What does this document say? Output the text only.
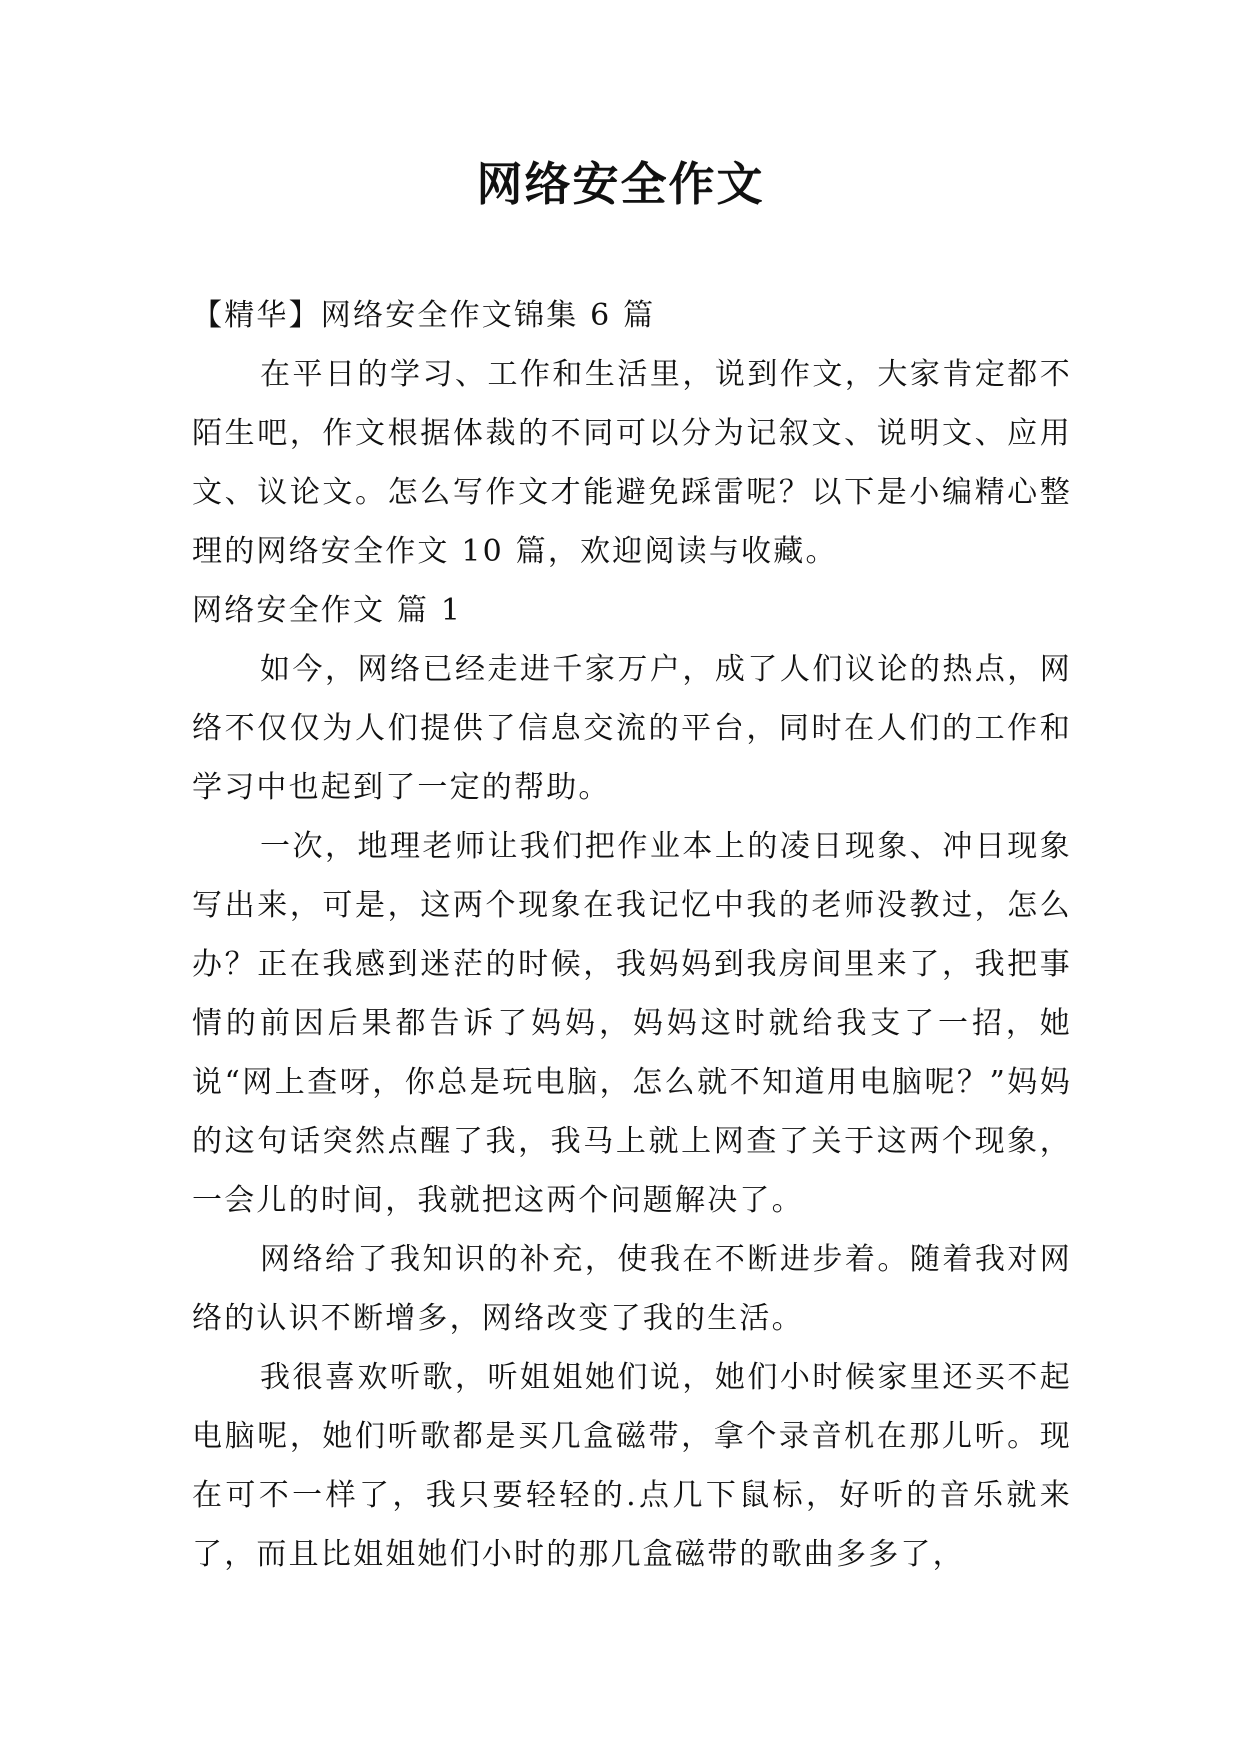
网络安全作文

【精华】网络安全作文锦集 6 篇

在平日的学习、工作和生活里，说到作文，大家肯定都不陌生吧，作文根据体裁的不同可以分为记叙文、说明文、应用文、议论文。怎么写作文才能避免踩雷呢？以下是小编精心整理的网络安全作文 10 篇，欢迎阅读与收藏。

网络安全作文 篇 1

如今，网络已经走进千家万户，成了人们议论的热点，网络不仅仅为人们提供了信息交流的平台，同时在人们的工作和学习中也起到了一定的帮助。

一次，地理老师让我们把作业本上的凌日现象、冲日现象写出来，可是，这两个现象在我记忆中我的老师没教过，怎么办？正在我感到迷茫的时候，我妈妈到我房间里来了，我把事情的前因后果都告诉了妈妈，妈妈这时就给我支了一招，她说“网上查呀，你总是玩电脑，怎么就不知道用电脑呢？”妈妈的这句话突然点醒了我，我马上就上网查了关于这两个现象，一会儿的时间，我就把这两个问题解决了。

网络给了我知识的补充，使我在不断进步着。随着我对网络的认识不断增多，网络改变了我的生活。

我很喜欢听歌，听姐姐她们说，她们小时候家里还买不起电脑呢，她们听歌都是买几盒磁带，拿个录音机在那儿听。现在可不一样了，我只要轻轻的.点几下鼠标，好听的音乐就来了，而且比姐姐她们小时的那几盒磁带的歌曲多多了，
